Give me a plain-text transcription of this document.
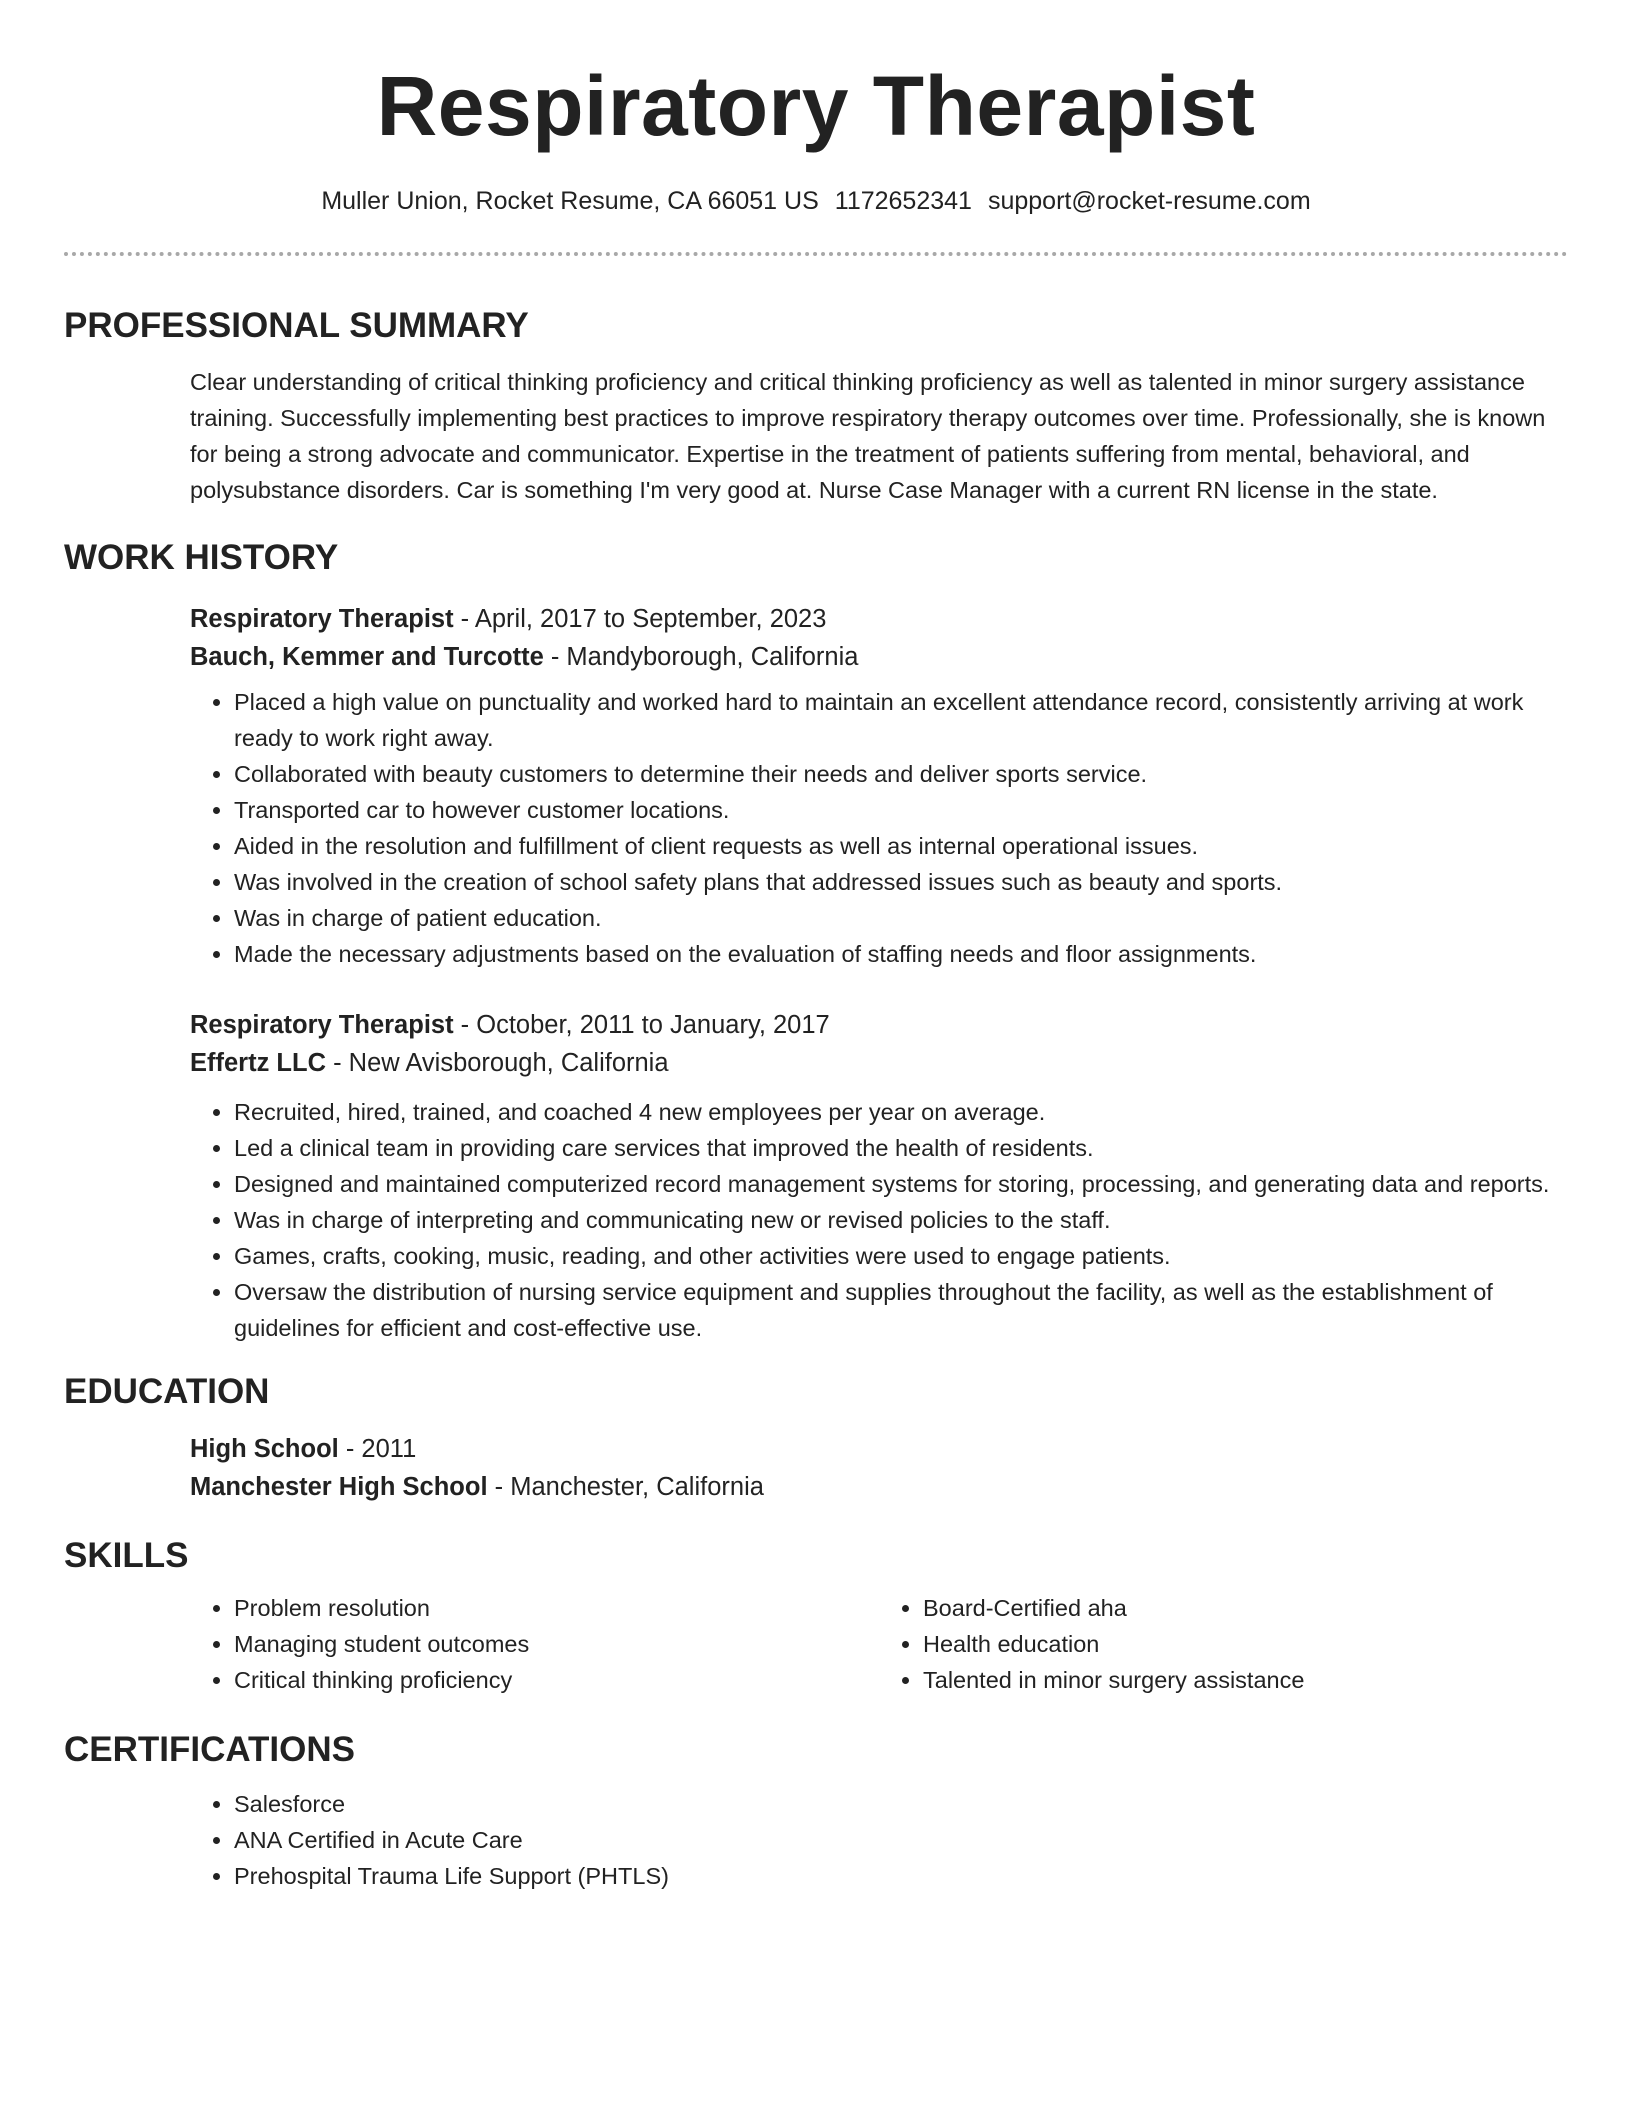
Respiratory Therapist
Muller Union, Rocket Resume, CA 66051 US 1172652341 support@rocket-resume.com
PROFESSIONAL SUMMARY
Clear understanding of critical thinking proficiency and critical thinking proficiency as well as talented in minor surgery assistance training. Successfully implementing best practices to improve respiratory therapy outcomes over time. Professionally, she is known for being a strong advocate and communicator. Expertise in the treatment of patients suffering from mental, behavioral, and polysubstance disorders. Car is something I'm very good at. Nurse Case Manager with a current RN license in the state.
WORK HISTORY
Respiratory Therapist - April, 2017 to September, 2023
Bauch, Kemmer and Turcotte - Mandyborough, California
• Placed a high value on punctuality and worked hard to maintain an excellent attendance record, consistently arriving at work ready to work right away.
• Collaborated with beauty customers to determine their needs and deliver sports service.
• Transported car to however customer locations.
• Aided in the resolution and fulfillment of client requests as well as internal operational issues.
• Was involved in the creation of school safety plans that addressed issues such as beauty and sports.
• Was in charge of patient education.
• Made the necessary adjustments based on the evaluation of staffing needs and floor assignments.
Respiratory Therapist - October, 2011 to January, 2017
Effertz LLC - New Avisborough, California
• Recruited, hired, trained, and coached 4 new employees per year on average.
• Led a clinical team in providing care services that improved the health of residents.
• Designed and maintained computerized record management systems for storing, processing, and generating data and reports.
• Was in charge of interpreting and communicating new or revised policies to the staff.
• Games, crafts, cooking, music, reading, and other activities were used to engage patients.
• Oversaw the distribution of nursing service equipment and supplies throughout the facility, as well as the establishment of guidelines for efficient and cost-effective use.
EDUCATION
High School - 2011
Manchester High School - Manchester, California
SKILLS
• Problem resolution
• Managing student outcomes
• Critical thinking proficiency
• Board-Certified aha
• Health education
• Talented in minor surgery assistance
CERTIFICATIONS
• Salesforce
• ANA Certified in Acute Care
• Prehospital Trauma Life Support (PHTLS)
